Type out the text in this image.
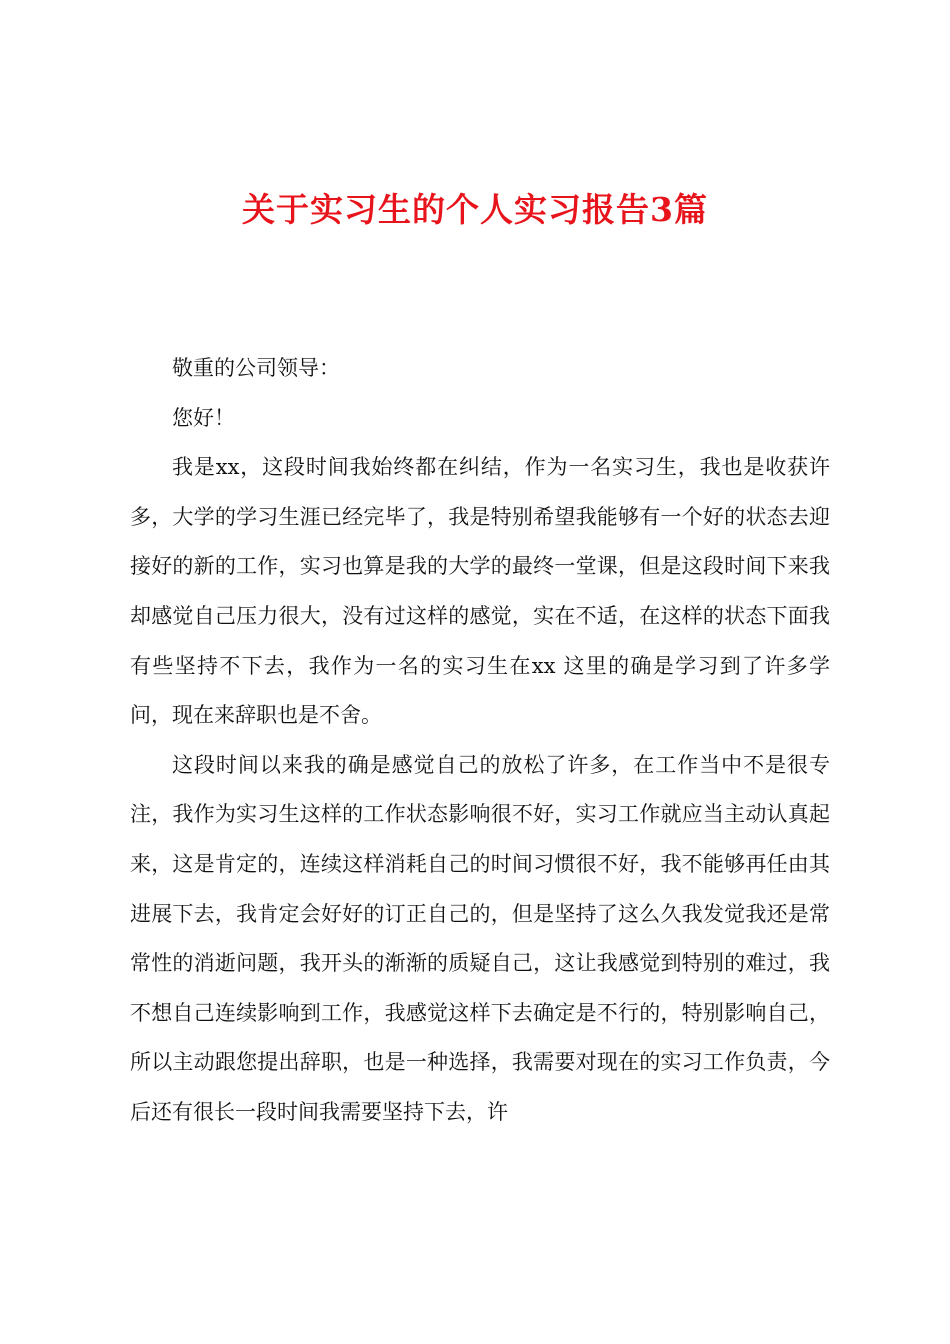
关于实习生的个人实习报告3篇

敬重的公司领导：

您好！

我是xx，这段时间我始终都在纠结，作为一名实习生，我也是收获许多，大学的学习生涯已经完毕了，我是特别希望我能够有一个好的状态去迎接好的新的工作，实习也算是我的大学的最终一堂课，但是这段时间下来我却感觉自己压力很大，没有过这样的感觉，实在不适，在这样的状态下面我有些坚持不下去，我作为一名的实习生在xx 这里的确是学习到了许多学问，现在来辞职也是不舍。

这段时间以来我的确是感觉自己的放松了许多，在工作当中不是很专注，我作为实习生这样的工作状态影响很不好，实习工作就应当主动认真起来，这是肯定的，连续这样消耗自己的时间习惯很不好，我不能够再任由其进展下去，我肯定会好好的订正自己的，但是坚持了这么久我发觉我还是常常性的消逝问题，我开头的渐渐的质疑自己，这让我感觉到特别的难过，我不想自己连续影响到工作，我感觉这样下去确定是不行的，特别影响自己，所以主动跟您提出辞职，也是一种选择，我需要对现在的实习工作负责，今后还有很长一段时间我需要坚持下去，许
